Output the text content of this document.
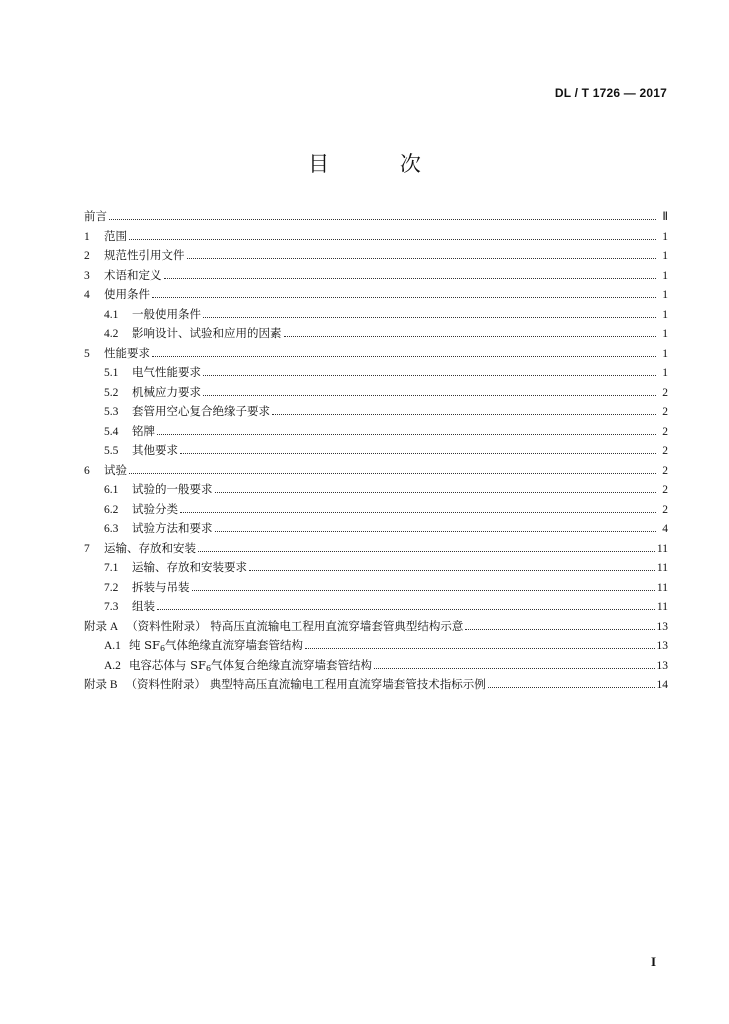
DL / T 1726 — 2017
目 次
前言	Ⅱ
1	范围	1
2	规范性引用文件	1
3	术语和定义	1
4	使用条件	1
4.1	一般使用条件	1
4.2	影响设计、试验和应用的因素	1
5	性能要求	1
5.1	电气性能要求	1
5.2	机械应力要求	2
5.3	套管用空心复合绝缘子要求	2
5.4	铭牌	2
5.5	其他要求	2
6	试验	2
6.1	试验的一般要求	2
6.2	试验分类	2
6.3	试验方法和要求	4
7	运输、存放和安装	11
7.1	运输、存放和安装要求	11
7.2	拆装与吊装	11
7.3	组装	11
附录 A （资料性附录） 特高压直流输电工程用直流穿墙套管典型结构示意	13
A.1 纯 $SF_6$气体绝缘直流穿墙套管结构	13
A.2 电容芯体与 $SF_6$气体复合绝缘直流穿墙套管结构	13
附录 B （资料性附录） 典型特高压直流输电工程用直流穿墙套管技术指标示例	14
I
